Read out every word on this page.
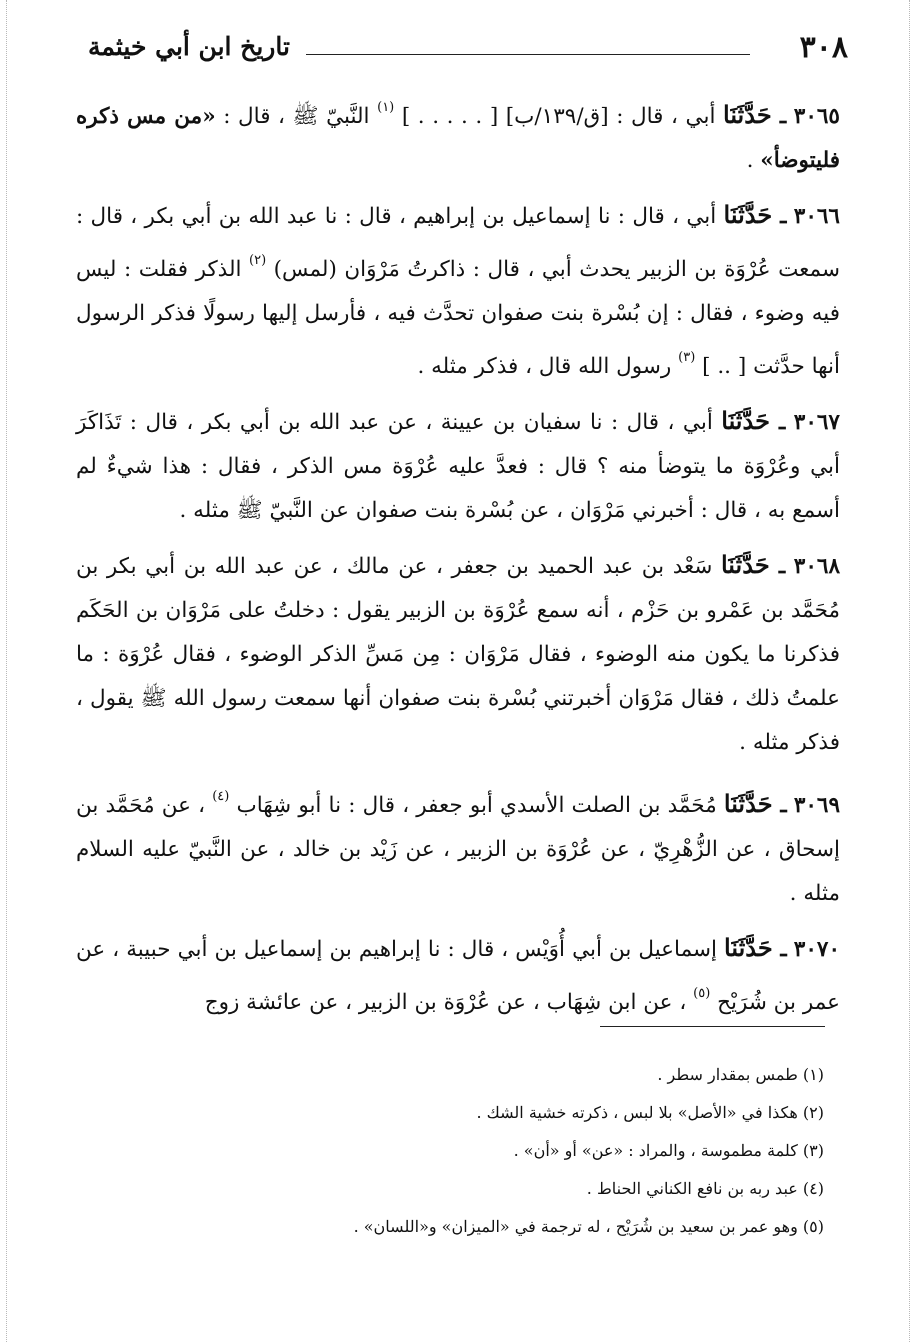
٣٠٨
تاريخ ابن أبي خيثمة

٣٠٦٥ ـ حَدَّثَنَا أبي ، قال : [ق/١٣٩/ب] [ . . . . . ] $^{(١)}$ النَّبيّ ﷺ ، قال : «من مس ذكره فليتوضأ» .

٣٠٦٦ ـ حَدَّثَنَا أبي ، قال : نا إسماعيل بن إبراهيم ، قال : نا عبد الله بن أبي بكر ، قال : سمعت عُرْوَة بن الزبير يحدث أبي ، قال : ذاكرتُ مَرْوَان (لمس) $^{(٢)}$ الذكر فقلت : ليس فيه وضوء ، فقال : إن بُسْرة بنت صفوان تحدَّث فيه ، فأرسل إليها رسولًا فذكر الرسول أنها حدَّثت [ .. ] $^{(٣)}$ رسول الله قال ، فذكر مثله .

٣٠٦٧ ـ حَدَّثَنَا أبي ، قال : نا سفيان بن عيينة ، عن عبد الله بن أبي بكر ، قال : تَذَاكَرَ أبي وعُرْوَة ما يتوضأ منه ؟ قال : فعدَّ عليه عُرْوَة مس الذكر ، فقال : هذا شيءٌ لم أسمع به ، قال : أخبرني مَرْوَان ، عن بُسْرة بنت صفوان عن النَّبيّ ﷺ مثله .

٣٠٦٨ ـ حَدَّثَنَا سَعْد بن عبد الحميد بن جعفر ، عن مالك ، عن عبد الله بن أبي بكر بن مُحَمَّد بن عَمْرو بن حَزْم ، أنه سمع عُرْوَة بن الزبير يقول : دخلتُ على مَرْوَان بن الحَكَم فذكرنا ما يكون منه الوضوء ، فقال مَرْوَان : مِن مَسِّ الذكر الوضوء ، فقال عُرْوَة : ما علمتُ ذلك ، فقال مَرْوَان أخبرتني بُسْرة بنت صفوان أنها سمعت رسول الله ﷺ يقول ، فذكر مثله .

٣٠٦٩ ـ حَدَّثَنَا مُحَمَّد بن الصلت الأسدي أبو جعفر ، قال : نا أبو شِهَاب $^{(٤)}$ ، عن مُحَمَّد بن إسحاق ، عن الزُّهْرِيّ ، عن عُرْوَة بن الزبير ، عن زَيْد بن خالد ، عن النَّبيّ عليه السلام مثله .

٣٠٧٠ ـ حَدَّثَنَا إسماعيل بن أبي أُوَيْس ، قال : نا إبراهيم بن إسماعيل بن أبي حبيبة ، عن عمر بن شُرَيْح $^{(٥)}$ ، عن ابن شِهَاب ، عن عُرْوَة بن الزبير ، عن عائشة زوج

(١) طمس بمقدار سطر .
(٢) هكذا في «الأصل» بلا لبس ، ذكرته خشية الشك .
(٣) كلمة مطموسة ، والمراد : «عن» أو «أن» .
(٤) عبد ربه بن نافع الكناني الحناط .
(٥) وهو عمر بن سعيد بن شُرَيْح ، له ترجمة في «الميزان» و«اللسان» .
